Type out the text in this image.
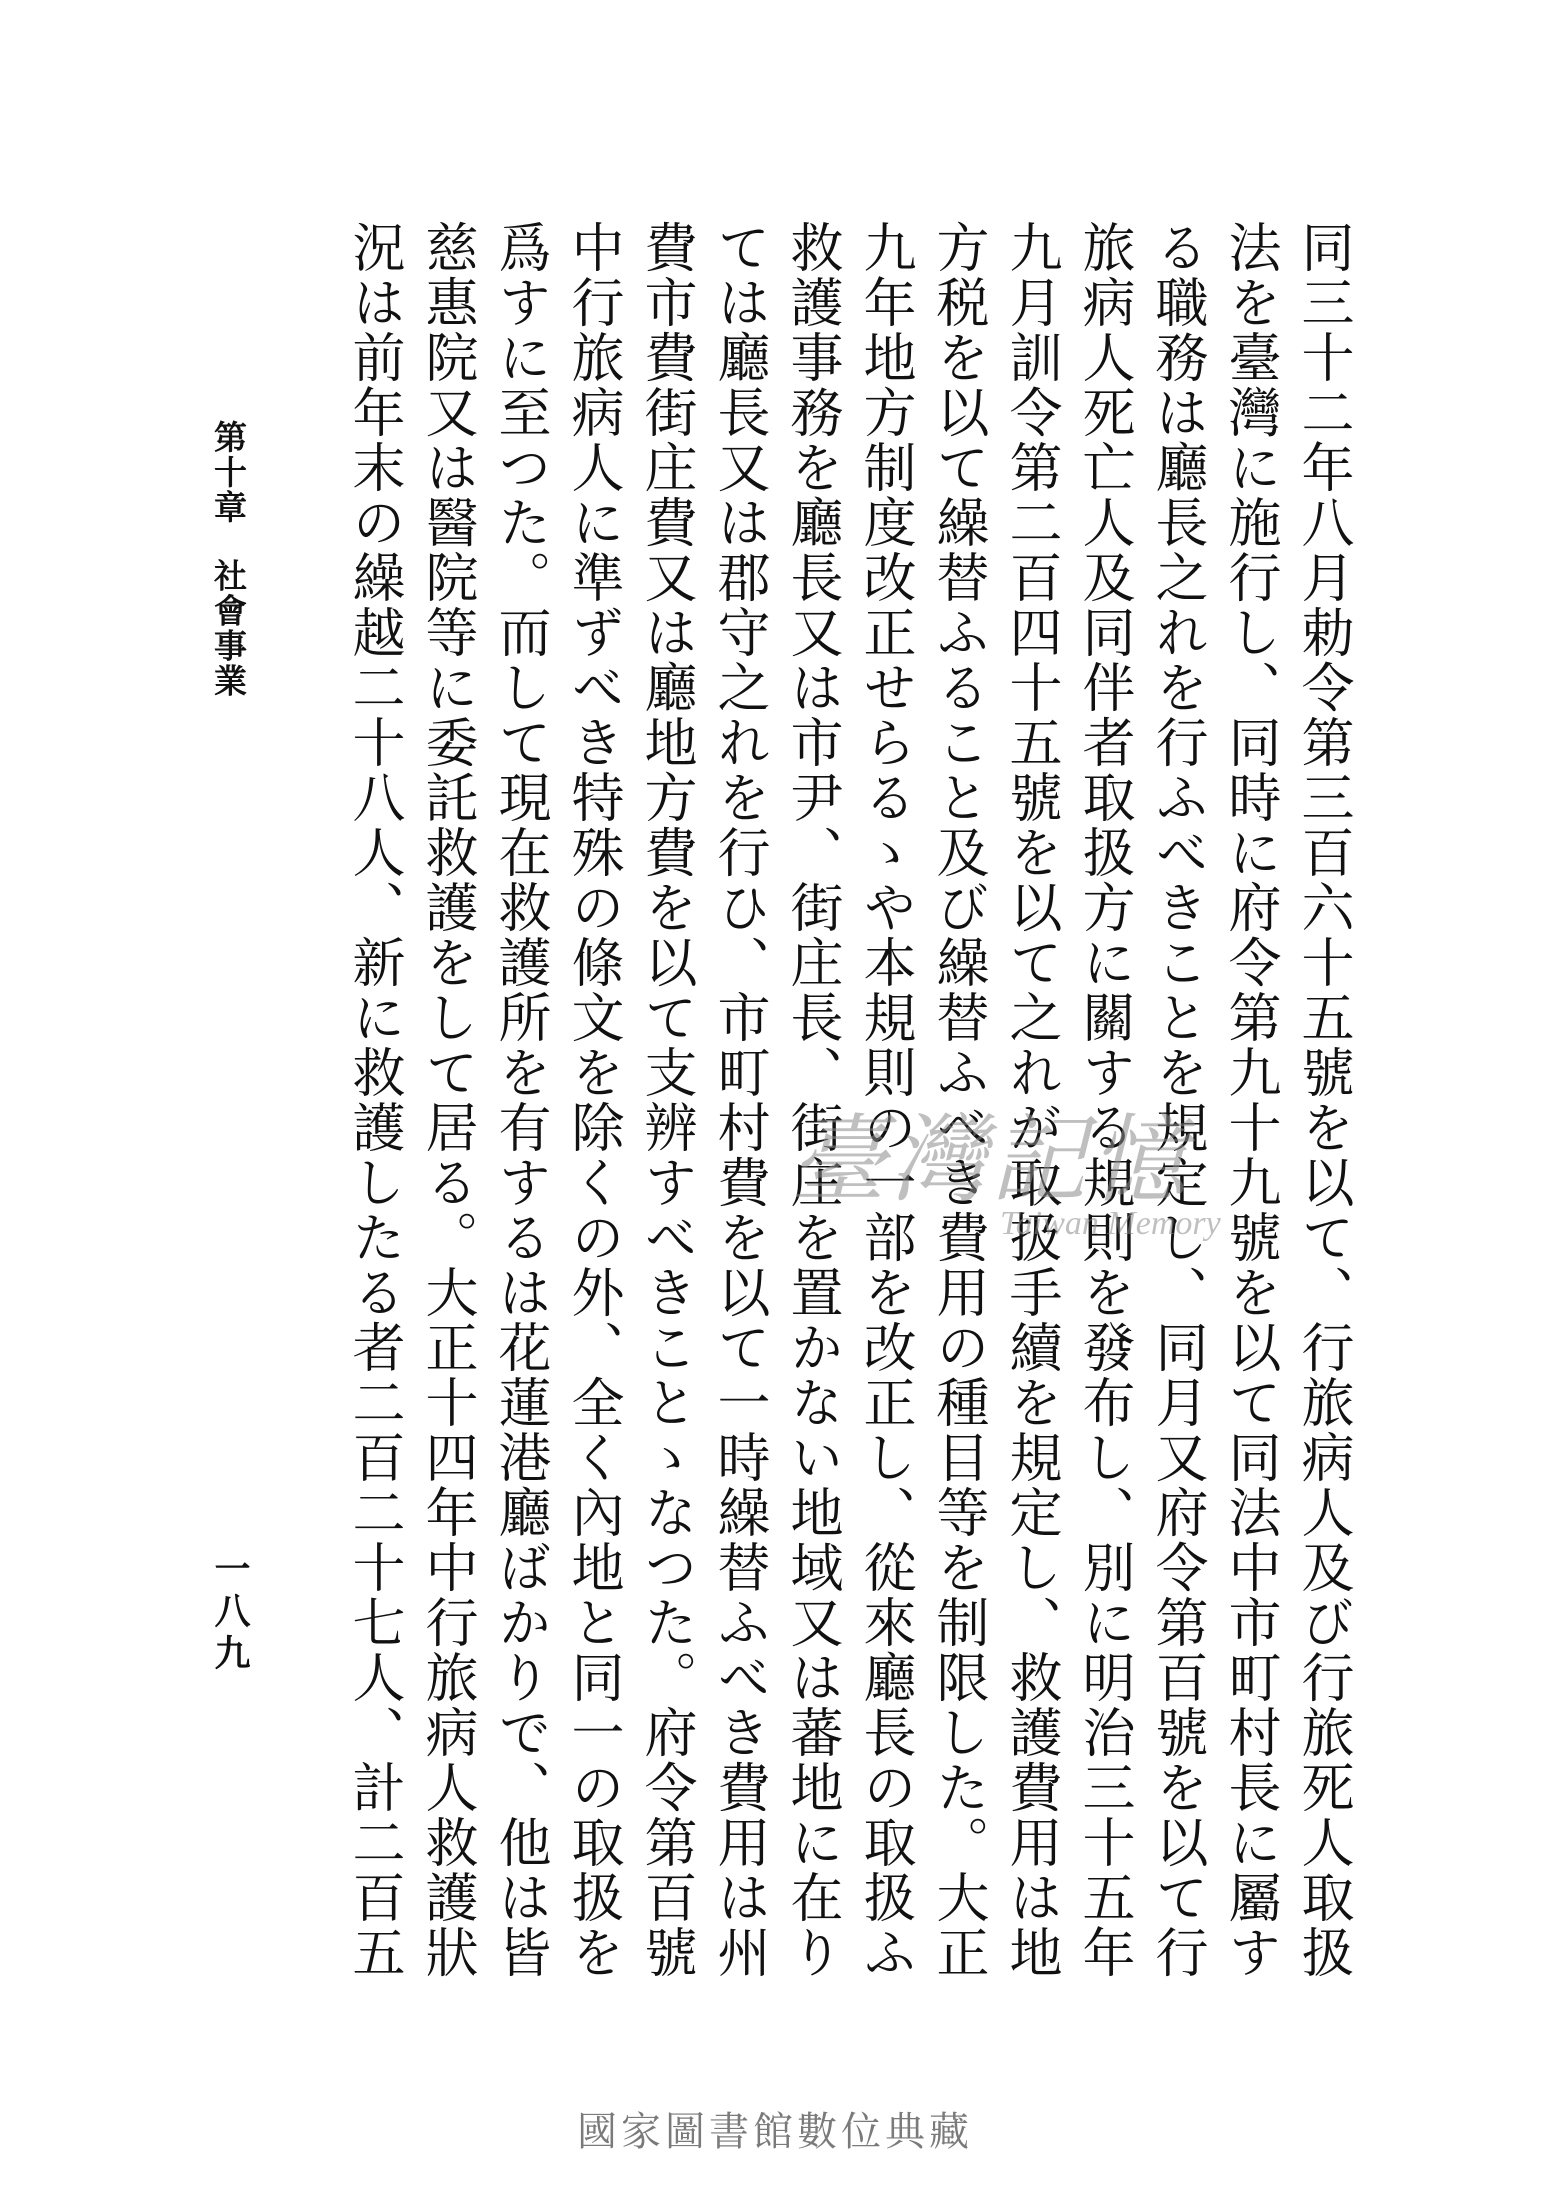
第十章 社會事業
一八九

同三十二年八月勅令第三百六十五號を以て、行旅病人及び行旅死人取扱法を臺灣に施行し、同時に府令第九十九號を以て同法中市町村長に屬する職務は廳長之れを行ふべきことを規定し、同月又府令第百號を以て行旅病人死亡人及同伴者取扱方に關する規則を發布し、別に明治三十五年九月訓令第二百四十五號を以て之れが取扱手續を規定し、救護費用は地方税を以て繰替ふること及び繰替ふべき費用の種目等を制限した。大正九年地方制度改正せらるゝや本規則の一部を改正し、從來廳長の取扱ふ救護事務を廳長又は市尹、街庄長、街庄を置かない地域又は蕃地に在りては廳長又は郡守之れを行ひ、市町村費を以て一時繰替ふべき費用は州費市費街庄費又は廳地方費を以て支辨すべきことゝなつた。府令第百號中行旅病人に準ずべき特殊の條文を除くの外、全く內地と同一の取扱を爲すに至つた。而して現在救護所を有するは花蓮港廳ばかりで、他は皆慈惠院又は醫院等に委託救護をして居る。大正十四年中行旅病人救護狀況は前年末の繰越二十八人、新に救護したる者二百二十七人、計二百五

臺灣記憶
Taiwan Memory
國家圖書館數位典藏
